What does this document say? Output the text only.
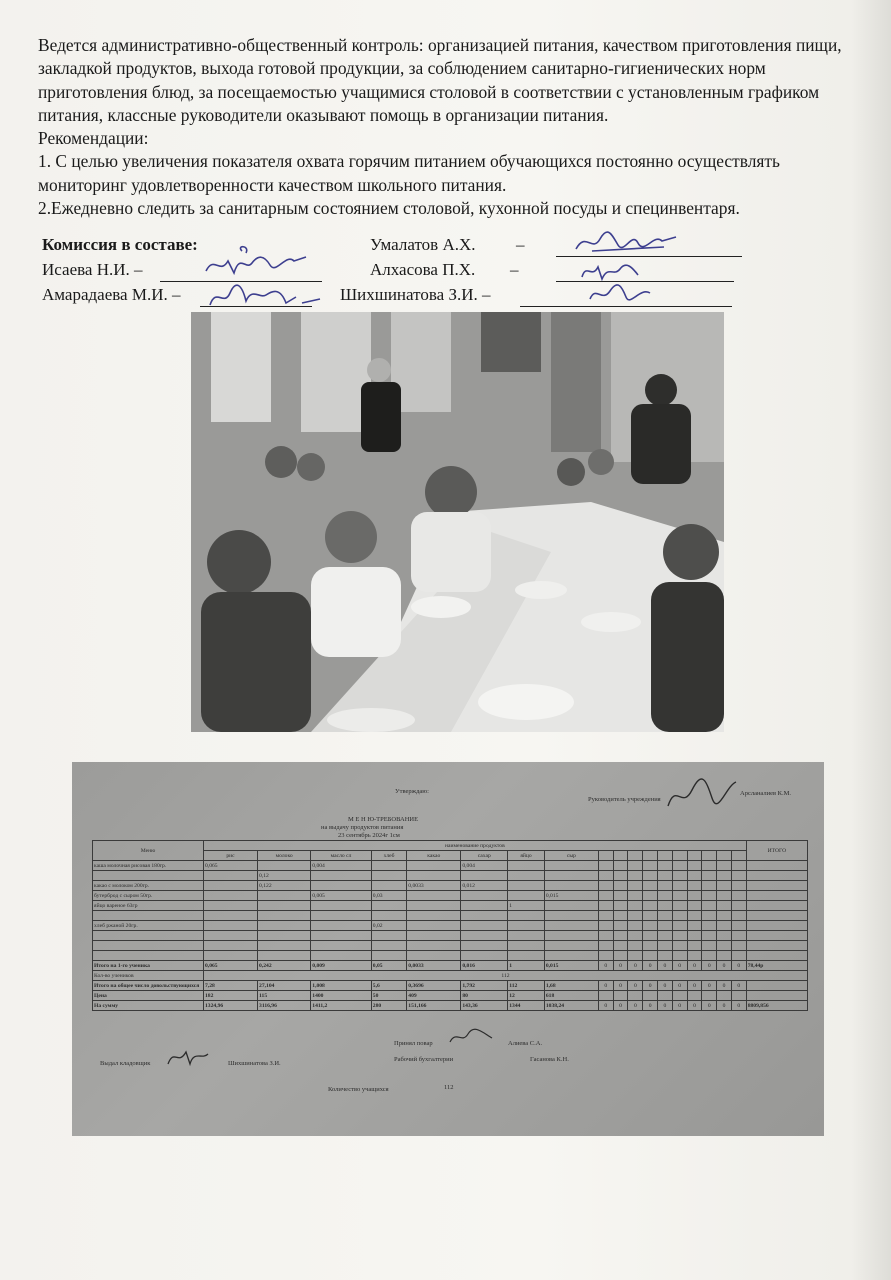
Ведется административно-общественный контроль: организацией питания, качеством приготовления пищи, закладкой продуктов, выхода готовой продукции, за соблюдением санитарно-гигиенических норм приготовления блюд, за посещаемостью учащимися столовой в соответствии с установленным графиком питания, классные руководители оказывают помощь в организации питания.

Рекомендации:

1. С целью увеличения показателя охвата горячим питанием обучающихся постоянно осуществлять мониторинг удовлетворенности качеством школьного питания.

2.Ежедневно следить за санитарным состоянием столовой, кухонной посуды и специнвентаря.

Комиссия в составе:	Умалатов А.Х. –
Исаева Н.И. –	Алхасова П.Х. –
Амарадаева М.И. –	Шихшинатова З.И. –
Утверждаю:
Руководитель учреждения
Арсланалиев К.М.
М Е Н Ю-ТРЕБОВАНИЕ
на выдачу продуктов питания
23 сентябрь 2024г 1см
Меню	наименование продуктов																		ИТОГО
	рис	молоко	масло сл	хлеб	какао	сахар	яйцо	сыр											
каша молочная рисовая 180гр.	0,065		0,004			0,004													
		0,12																	
какао с молоком 200гр.		0,122			0,0033	0,012													
бутерброд с сыром 50гр.			0,005	0,03				0,015											
яйцо вареное 63гр							1												

хлеб ржаной 20гр.				0,02															

Итого на 1-го ученика	0,065	0,242	0,009	0,05	0,0033	0,016	1	0,015	0	0	0	0	0	0	0	0	0	0	78,44р
Кол-во учеников	112																		
Итого на общее число довольствующихся	7,28	27,104	1,008	5,6	0,3696	1,792	112	1,68	0	0	0	0	0	0	0	0	0	0	
Цена	182	115	1400	50	409	80	12	618											
На сумму	1324,96	3116,96	1411,2	280	151,166	143,36	1344	1038,24	0	0	0	0	0	0	0	0	0	0	8809,856
Принял повар	Алиева С.А.
Выдал кладовщик	Шихшинатова З.И.
Рабочий бухгалтерии	Гасанова К.Н.
Количество учащихся	112
